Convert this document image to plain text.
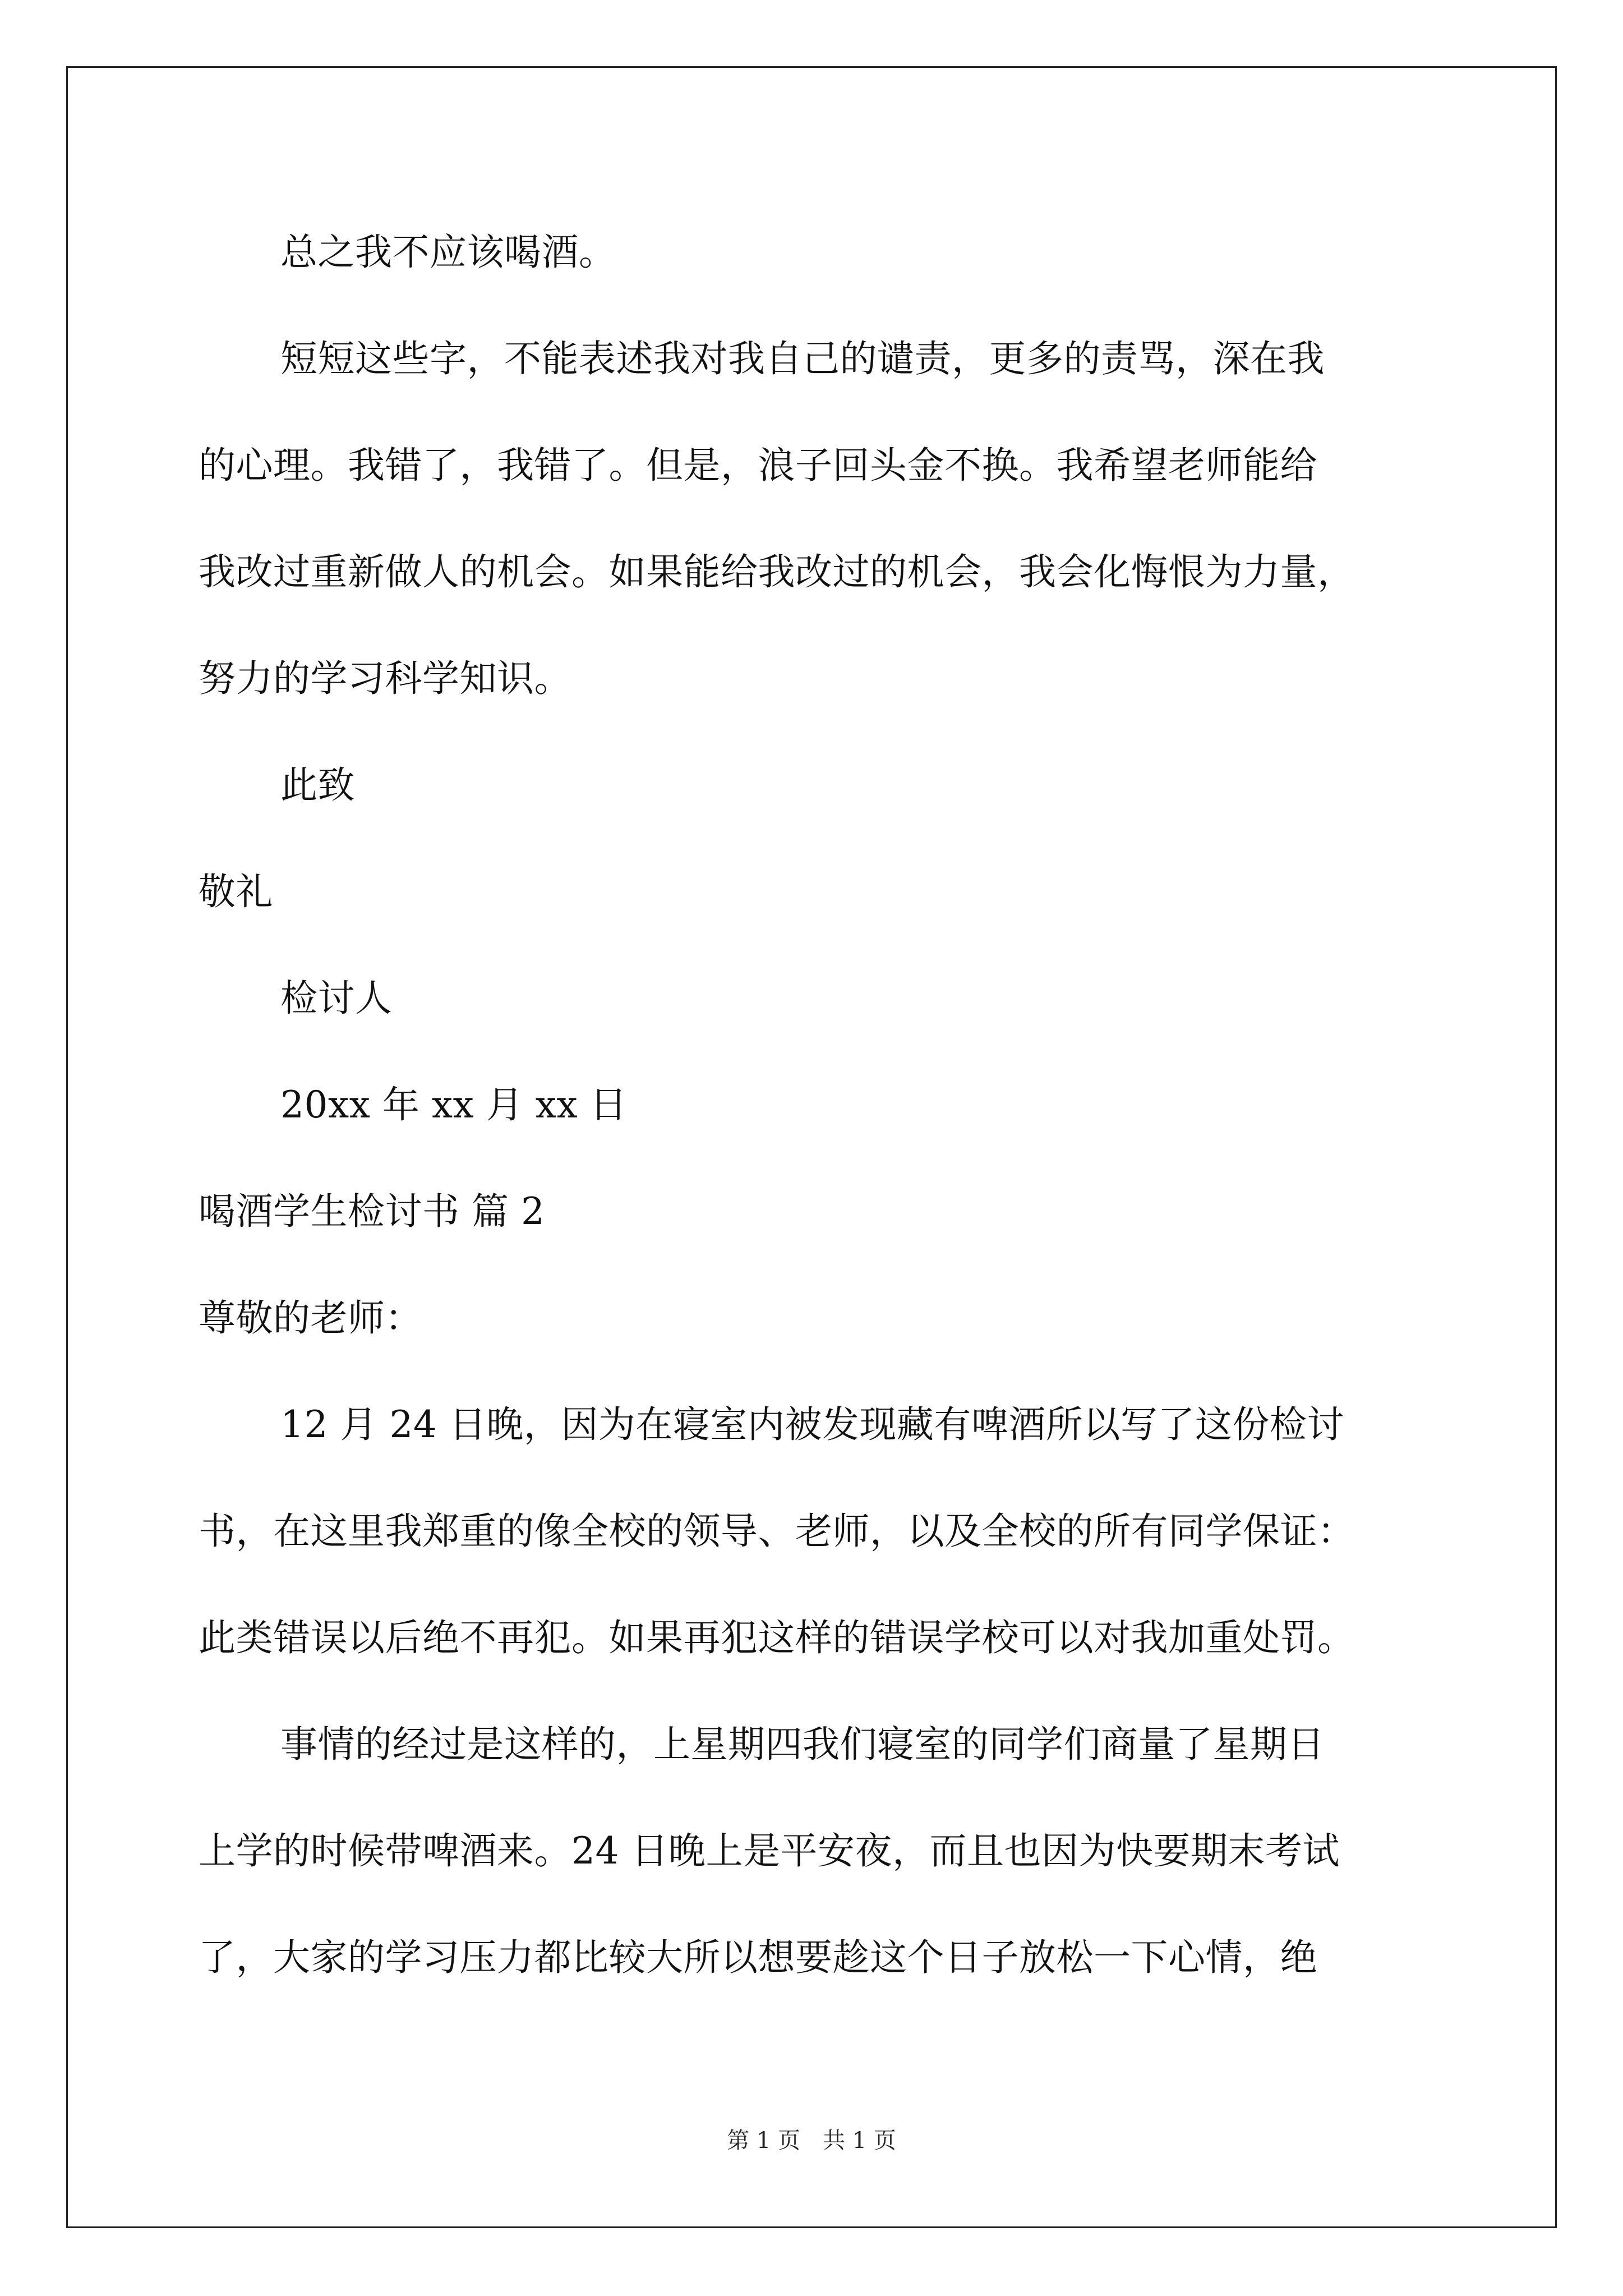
总之我不应该喝酒。
短短这些字，不能表述我对我自己的谴责，更多的责骂，深在我
的心理。我错了，我错了。但是，浪子回头金不换。我希望老师能给
我改过重新做人的机会。如果能给我改过的机会，我会化悔恨为力量，
努力的学习科学知识。
此致
敬礼
检讨人
20xx 年 xx 月 xx 日
喝酒学生检讨书 篇 2
尊敬的老师：
12 月 24 日晚，因为在寝室内被发现藏有啤酒所以写了这份检讨
书，在这里我郑重的像全校的领导、老师，以及全校的所有同学保证：
此类错误以后绝不再犯。如果再犯这样的错误学校可以对我加重处罚。
事情的经过是这样的，上星期四我们寝室的同学们商量了星期日
上学的时候带啤酒来。24 日晚上是平安夜，而且也因为快要期末考试
了，大家的学习压力都比较大所以想要趁这个日子放松一下心情，绝
第 1 页　共 1 页
